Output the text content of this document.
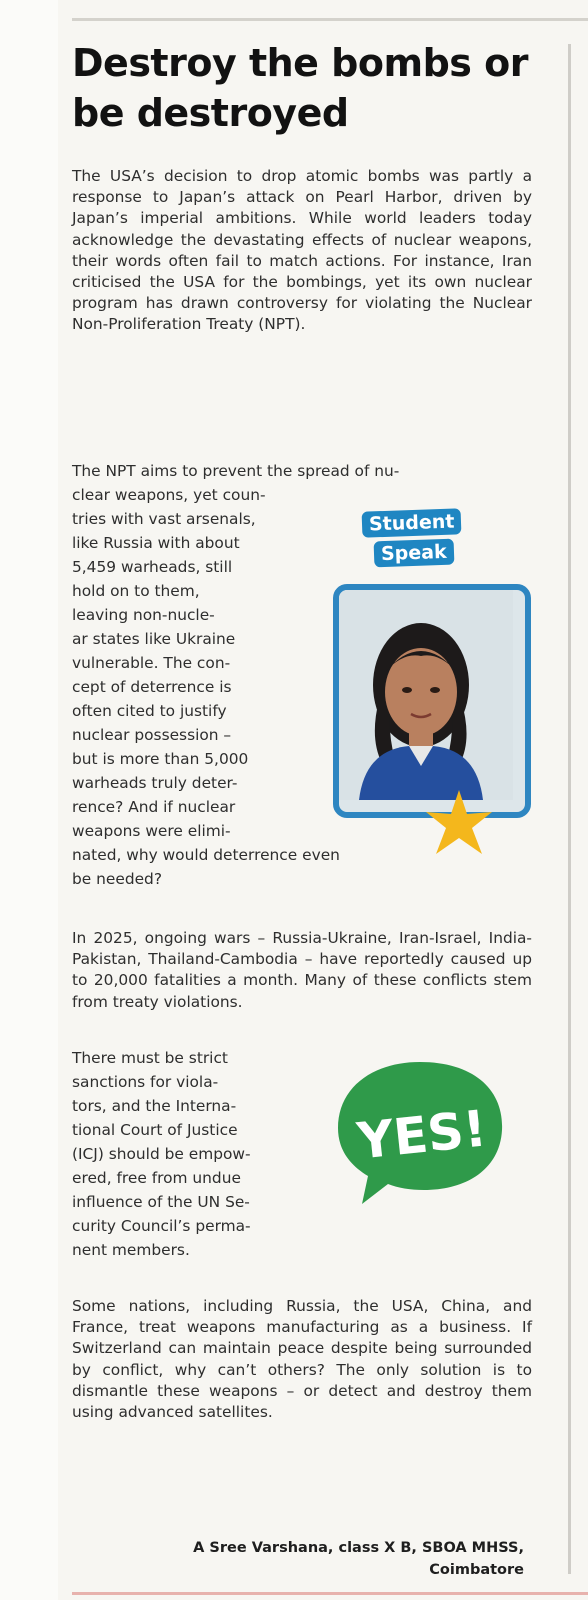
Destroy the bombs or be destroyed

The USA’s decision to drop atomic bombs was partly a response to Japan’s attack on Pearl Harbor, driven by Japan’s imperial ambitions. While world leaders today acknowledge the devastating effects of nuclear weapons, their words often fail to match actions. For instance, Iran criticised the USA for the bombings, yet its own nuclear program has drawn controversy for violating the Nuclear Non-Proliferation Treaty (NPT).

The NPT aims to prevent the spread of nu-

clear weapons, yet coun-
tries with vast arsenals,
like Russia with about
5,459 warheads, still
hold on to them,
leaving non-nucle-
ar states like Ukraine
vulnerable. The con-
cept of deterrence is
often cited to justify
nuclear possession –
but is more than 5,000
warheads truly deter-
rence? And if nuclear
weapons were elimi-
nated, why would deterrence even
be needed?
Student
Speak

In 2025, ongoing wars – Russia-Ukraine, Iran-Israel, India-Pakistan, Thailand-Cambodia – have reportedly caused up to 20,000 fatalities a month. Many of these conflicts stem from treaty violations.

There must be strict
sanctions for viola-
tors, and the Interna-
tional Court of Justice
(ICJ) should be empow-
ered, free from undue
influence of the UN Se-
curity Council’s perma-
nent members.
YES!

Some nations, including Russia, the USA, China, and France, treat weapons manufacturing as a business. If Switzerland can maintain peace despite being surrounded by conflict, why can’t others? The only solution is to dismantle these weapons – or detect and destroy them using advanced satellites.

A Sree Varshana, class X B, SBOA MHSS,
Coimbatore
